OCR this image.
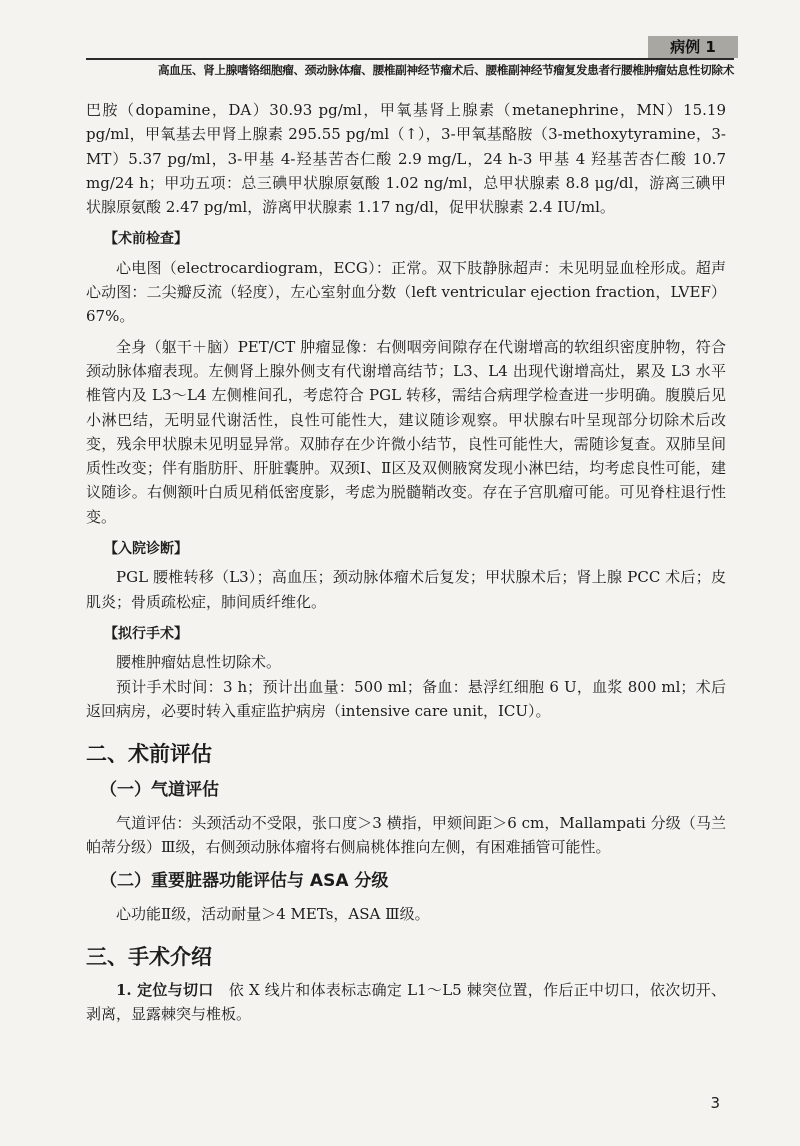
病例 1
高血压、肾上腺嗜铬细胞瘤、颈动脉体瘤、腰椎副神经节瘤术后、腰椎副神经节瘤复发患者行腰椎肿瘤姑息性切除术

巴胺（dopamine，DA）30.93 pg/ml，甲氧基肾上腺素（metanephrine，MN）15.19 pg/ml，甲氧基去甲肾上腺素 295.55 pg/ml（↑），3-甲氧基酪胺（3-methoxytyramine，3-MT）5.37 pg/ml，3-甲基 4-羟基苦杏仁酸 2.9 mg/L，24 h-3 甲基 4 羟基苦杏仁酸 10.7 mg/24 h；甲功五项：总三碘甲状腺原氨酸 1.02 ng/ml，总甲状腺素 8.8 μg/dl，游离三碘甲状腺原氨酸 2.47 pg/ml，游离甲状腺素 1.17 ng/dl，促甲状腺素 2.4 IU/ml。

【术前检查】

心电图（electrocardiogram，ECG）：正常。双下肢静脉超声：未见明显血栓形成。超声心动图：二尖瓣反流（轻度），左心室射血分数（left ventricular ejection fraction，LVEF）67%。

全身（躯干＋脑）PET/CT 肿瘤显像：右侧咽旁间隙存在代谢增高的软组织密度肿物，符合颈动脉体瘤表现。左侧肾上腺外侧支有代谢增高结节；L3、L4 出现代谢增高灶，累及 L3 水平椎管内及 L3～L4 左侧椎间孔，考虑符合 PGL 转移，需结合病理学检查进一步明确。腹膜后见小淋巴结，无明显代谢活性，良性可能性大，建议随诊观察。甲状腺右叶呈现部分切除术后改变，残余甲状腺未见明显异常。双肺存在少许微小结节，良性可能性大，需随诊复查。双肺呈间质性改变；伴有脂肪肝、肝脏囊肿。双颈Ⅰ、Ⅱ区及双侧腋窝发现小淋巴结，均考虑良性可能，建议随诊。右侧额叶白质见稍低密度影，考虑为脱髓鞘改变。存在子宫肌瘤可能。可见脊柱退行性变。

【入院诊断】

PGL 腰椎转移（L3）；高血压；颈动脉体瘤术后复发；甲状腺术后；肾上腺 PCC 术后；皮肌炎；骨质疏松症，肺间质纤维化。

【拟行手术】

腰椎肿瘤姑息性切除术。

预计手术时间：3 h；预计出血量：500 ml；备血：悬浮红细胞 6 U，血浆 800 ml；术后返回病房，必要时转入重症监护病房（intensive care unit，ICU）。

二、术前评估
（一）气道评估

气道评估：头颈活动不受限，张口度＞3 横指，甲颏间距＞6 cm，Mallampati 分级（马兰帕蒂分级）Ⅲ级，右侧颈动脉体瘤将右侧扁桃体推向左侧，有困难插管可能性。

（二）重要脏器功能评估与 ASA 分级

心功能Ⅱ级，活动耐量＞4 METs，ASA Ⅲ级。

三、手术介绍

1. 定位与切口　 依 X 线片和体表标志确定 L1～L5 棘突位置，作后正中切口，依次切开、剥离，显露棘突与椎板。

3
